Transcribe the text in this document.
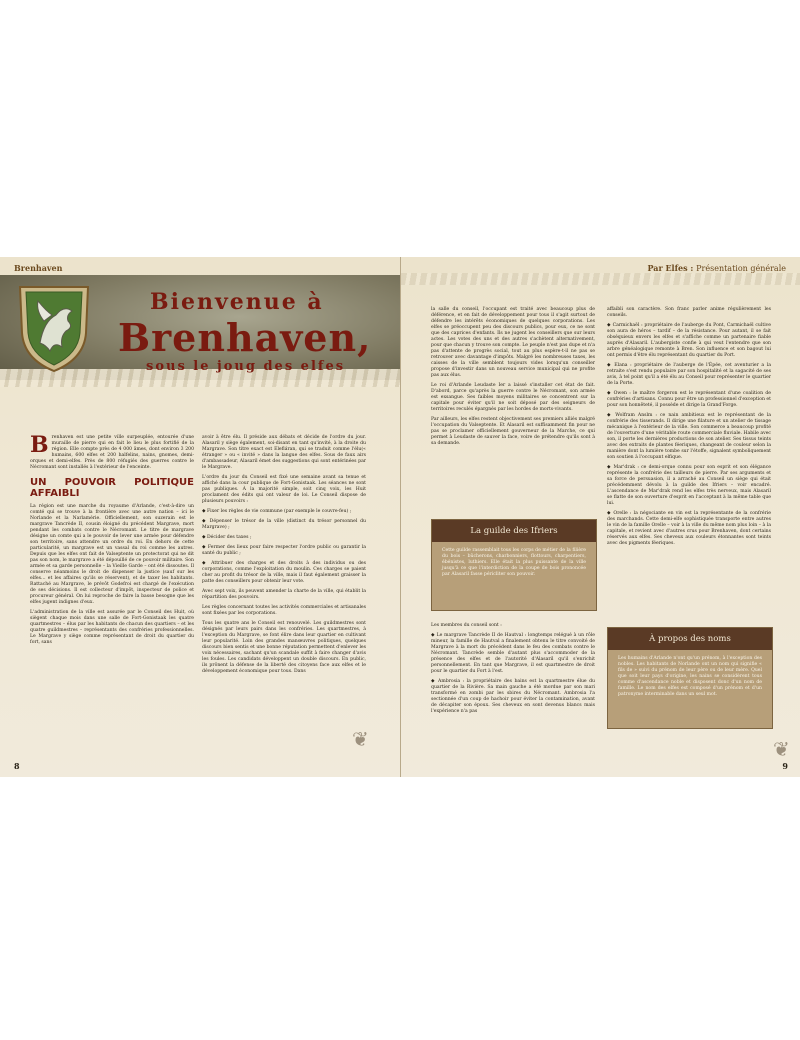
Brenhaven
Bienvenue à
Brenhaven,
sous le joug des elfes

Brenhaven est une petite ville surpeuplée, entourée d'une muraille de pierre qui en fait le lieu le plus fortifié de la région. Elle compte près de 4 000 âmes, dont environ 3 200 humains, 600 elfes et 200 halfelins, nains, gnomes, demi-orques et demi-elfes. Près de 800 réfugiés des guerres contre le Nécromant sont installés à l'extérieur de l'enceinte.

UN POUVOIR POLITIQUE AFFAIBLI

La région est une marche du royaume d'Arlande, c'est-à-dire un comté qui se trouve à la frontière avec une autre nation – ici le Norlande et la Narlamérie. Officiellement, son suzerain est le margrave Tancrède II, cousin éloigné du précédent Margrave, mort pendant les combats contre le Nécromant. Le titre de margrave désigne un comte qui a le pouvoir de lever une armée pour défendre son territoire, sans attendre un ordre du roi. En dehors de cette particularité, un margrave est un vassal du roi comme les autres. Depuis que les elfes ont fait de Valseptente un protectorat qui ne dit pas son nom, le margrave a été dépouillé de ce pouvoir militaire. Son armée et sa garde personnelle – la Vieille Garde – ont été dissoutes. Il conserve néanmoins le droit de dispenser la justice (sauf sur les elfes… et les affaires qu'ils se réservent), et de taxer les habitants. Rattaché au Margrave, le prévôt Godefroi est chargé de l'exécution de ses décisions. Il est collecteur d'impôt, inspecteur de police et procureur général. On lui reproche de faire la basse besogne que les elfes jugent indignes d'eux.

L'administration de la ville est assurée par le Conseil des Huit, où siègent chaque mois dans une salle de Fort-Gonistaak les quatre quartmestres – élus par les habitants de chacun des quartiers – et les quatre guildmestres – représentants des confréries professionnelles. Le Margrave y siège comme représentant de droit du quartier du fort, sans

avoir à être élu. Il préside aux débats et décide de l'ordre du jour. Alasaril y siège également, soi-disant en tant qu'invité, à la droite du Margrave. Son titre exact est Elefláran, qui se traduit comme l'élu(« étranger » ou « invité » dans la langue des elfes. Sous de faux airs d'ambassadeur, Alasaril émet des suggestions qui sont entérinées par le Margrave.

L'ordre du jour du Conseil est fixé une semaine avant sa tenue et affiché dans la cour publique de Fort-Gonistaak. Les séances ne sont pas publiques. À la majorité simple, soit cinq voix, les Huit proclament des édits qui ont valeur de loi. Le Conseil dispose de plusieurs pouvoirs :

◆ Fixer les règles de vie commune (par exemple le couvre-feu) ;

◆ Dépenser le trésor de la ville (distinct du trésor personnel du Margrave) ;

◆ Décider des taxes ;

◆ Fermer des lieux pour faire respecter l'ordre public ou garantir la santé du public ;

◆ Attribuer des charges et des droits à des individus ou des corporations, comme l'exploitation du moulin. Ces charges se paient cher au profit du trésor de la ville, mais il faut également graisser la patte des conseillers pour obtenir leur vote.

Avec sept voix, ils peuvent amender la charte de la ville, qui établit la répartition des pouvoirs.

Les règles concernant toutes les activités commerciales et artisanales sont fixées par les corporations.

Tous les quatre ans le Conseil est renouvelé. Les guildmestres sont désignés par leurs pairs dans les confréries. Les quartmestres, à l'exception du Margrave, se font élire dans leur quartier en cultivant leur popularité. Loin des grandes manœuvres politiques, quelques discours bien sentis et une bonne réputation permettent d'enlever les voix nécessaires, sachant qu'un scandale suffit à faire changer d'avis les foules. Les candidats développent un double discours. En public, ils prônent la défense de la liberté des citoyens face aux elfes et le développement économique pour tous. Dans

❦
8
Par Elfes : Présentation générale

la salle du conseil, l'occupant est traité avec beaucoup plus de déférence, et en fait de développement pour tous il s'agit surtout de défendre les intérêts économiques de quelques corporations. Les elfes se préoccupent peu des discours publics, pour eux, ce ne sont que des caprices d'enfants. Ils ne jugent les conseillers que sur leurs actes. Les votes des uns et des autres s'achètent alternativement, pour que chacun y trouve son compte. Le peuple n'est pas dupe et n'a pas d'attente de progrès social, tout au plus espère-t-il ne pas se retrouver avec davantage d'impôts. Malgré les nombreuses taxes, les caisses de la ville semblent toujours vides lorsqu'un conseiller propose d'investir dans un nouveau service municipal qui ne profite pas aux élus.

Le roi d'Arlande Leudaste Ier a laissé s'installer cet état de fait. D'abord, parce qu'après la guerre contre le Nécromant, son armée est exsangue. Ses faibles moyens militaires se concentrent sur la capitale pour éviter qu'il ne soit déposé par des seigneurs de territoires reculés épargnés par les hordes de morts-vivants.

Par ailleurs, les elfes restent objectivement ses premiers alliés malgré l'occupation du Valseptente. Et Alasaril est suffisamment fin pour ne pas se proclamer officiellement gouverneur de la Marche, ce qui permet à Leudaste de sauver la face, voire de prétendre qu'ils sont à sa demande.

La guilde des Ifriers
Cette guilde rassemblait tous les corps de métier de la filière du bois – bûcherons, charbonniers, flottours, charpentiers, ébénistes, luthiers. Elle était la plus puissante de la ville jusqu'à ce que l'interdiction de la coupe de bois prononcée par Alasaril fasse péricliter son pouvoir.

Les membres du conseil sont :

◆ Le margrave Tancrède II de Hautval : longtemps relégué à un rôle mineur, la famille de Hautval a finalement obtenu le titre convoité de Margrave à la mort du précédent dans le feu des combats contre le Nécromant. Tancrède semble d'autant plus s'accommoder de la présence des elfes et de l'autorité d'Alasaril qu'il s'enrichit personnellement. En tant que Margrave, il est quartmestre de droit pour le quartier du Fort à l'est.

◆ Ambrosia : la propriétaire des bains est la quartmestre élue du quartier de la Rivière. Sa main gauche a été mordue par son mari transformé en zombi par les sbires du Nécromant. Ambrosia l'a sectionnée d'un coup de hachoir pour éviter la contamination, avant de décapiter son époux. Ses cheveux en sont devenus blancs mais l'expérience n'a pas

affaibli son caractère. Son franc parler anime régulièrement les conseils.

◆ Carmichaël : propriétaire de l'auberge du Pont, Carmichaël cultive son aura de héros – tardif – de la résistance. Pour autant, il se fait obséquieux envers les elfes et s'affiche comme un partenaire fiable auprès d'Alasaril. L'aubergiste confie à qui veut l'entendre que son arbre généalogique remonte à Bren. Son influence et son bagout lui ont permis d'être élu représentant du quartier du Port.

◆ Elana : propriétaire de l'auberge de l'Épée, cet aventurier a la retraite s'est rendu populaire par son hospitalité et la sagacité de ses avis, à tel point qu'il a été élu au Conseil pour représenter le quartier de la Porte.

◆ Owen : le maître forgeron est le représentant d'une coalition de confréries d'artisans. Connu pour être un professionnel d'exception et pour son honnêteté, il possède et dirige la Grand'Forge.

◆ Wolfram Anslm : ce nain ambitieux est le représentant de la confrérie des tisserands. Il dirige une filature et un atelier de tissage mécanique à l'extérieur de la ville. Son commerce a beaucoup profité de l'ouverture d'une véritable route commerciale fluviale. Habile avec son, il porte les dernières productions de son atelier. Ses tissus teints avec des extraits de plantes féeriques, changeant de couleur selon la manière dont la lumière tombe sur l'étoffe, signalent symboliquement son soutien à l'occupant elfique.

◆ Mar'drak : ce demi-orque connu pour son esprit et son élégance représente la confrérie des tailleurs de pierre. Par ses arguments et sa force de persuasion, il a arraché au Conseil un siège qui était précédemment dévolu à la guilde des Ifriers – voir encadré. L'ascendance de Mar'drak rend les elfes très nerveux, mais Alasaril se flatte de son ouverture d'esprit en l'acceptant à la même table que lui.

◆ Orelle : la négociante en vin est la représentante de la confrérie des marchands. Cette demi-elfe sophistiquée transporte entre autres le vin de la famille Orelle – voir à la ville du même nom plus loin – à la capitale, et revient avec d'autres crus pour Brenhaven, dont certains réservés aux elfes. Ses cheveux aux couleurs étonnantes sont teints avec des pigments féeriques.

À propos des noms
Les humains d'Arlande n'ont qu'un prénom, à l'exception des nobles. Les habitants de Norlande ont un nom qui signifie « fils de » suivi du prénom de leur père ou de leur mère. Quel que soit leur pays d'origine, les nains se considèrent tous comme d'ascendance noble et disposent donc d'un nom de famille. Le nom des elfes est composé d'un prénom et d'un patronyme interminable dans un seul mot.
❦
9
